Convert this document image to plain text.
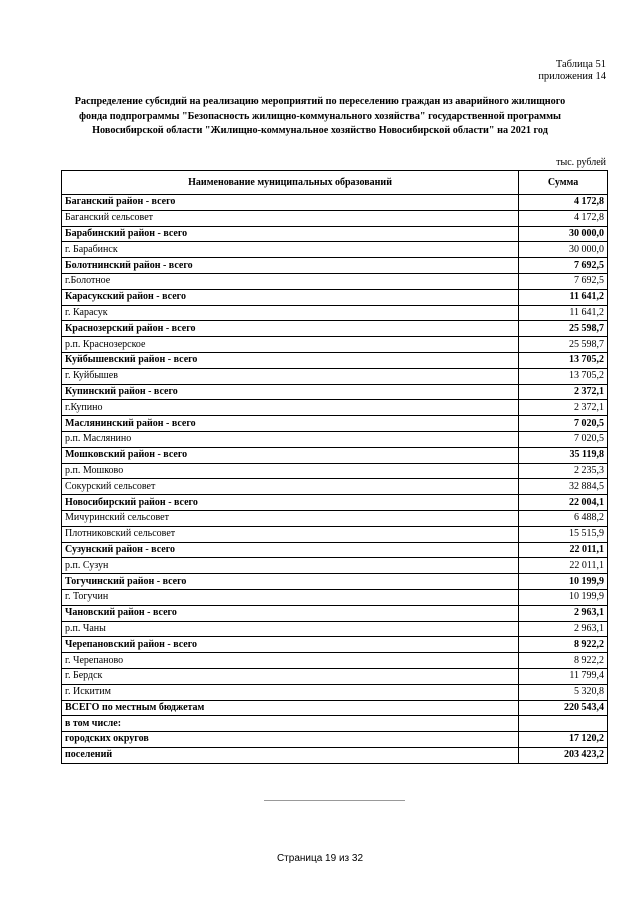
Таблица 51
приложения 14
Распределение субсидий на реализацию мероприятий по переселению граждан из аварийного жилищного фонда подпрограммы "Безопасность жилищно-коммунального хозяйства" государственной программы Новосибирской области "Жилищно-коммунальное хозяйство Новосибирской области" на 2021 год
тыс. рублей
Наименование муниципальных образований	Сумма
Баганский район - всего	4 172,8
Баганский сельсовет	4 172,8
Барабинский район - всего	30 000,0
г. Барабинск	30 000,0
Болотнинский район - всего	7 692,5
г.Болотное	7 692,5
Карасукский район - всего	11 641,2
г. Карасук	11 641,2
Краснозерский район - всего	25 598,7
р.п. Краснозерское	25 598,7
Куйбышевский район - всего	13 705,2
г. Куйбышев	13 705,2
Купинский район - всего	2 372,1
г.Купино	2 372,1
Маслянинский район - всего	7 020,5
р.п. Маслянино	7 020,5
Мошковский район - всего	35 119,8
р.п. Мошково	2 235,3
Сокурский сельсовет	32 884,5
Новосибирский район - всего	22 004,1
Мичуринский сельсовет	6 488,2
Плотниковский сельсовет	15 515,9
Сузунский район - всего	22 011,1
р.п. Сузун	22 011,1
Тогучинский район - всего	10 199,9
г. Тогучин	10 199,9
Чановский район - всего	2 963,1
р.п. Чаны	2 963,1
Черепановский район - всего	8 922,2
г. Черепаново	8 922,2
г. Бердск	11 799,4
г. Искитим	5 320,8
ВСЕГО по местным бюджетам	220 543,4
в том числе:	
городских округов	17 120,2
поселений	203 423,2
Страница 19 из 32
